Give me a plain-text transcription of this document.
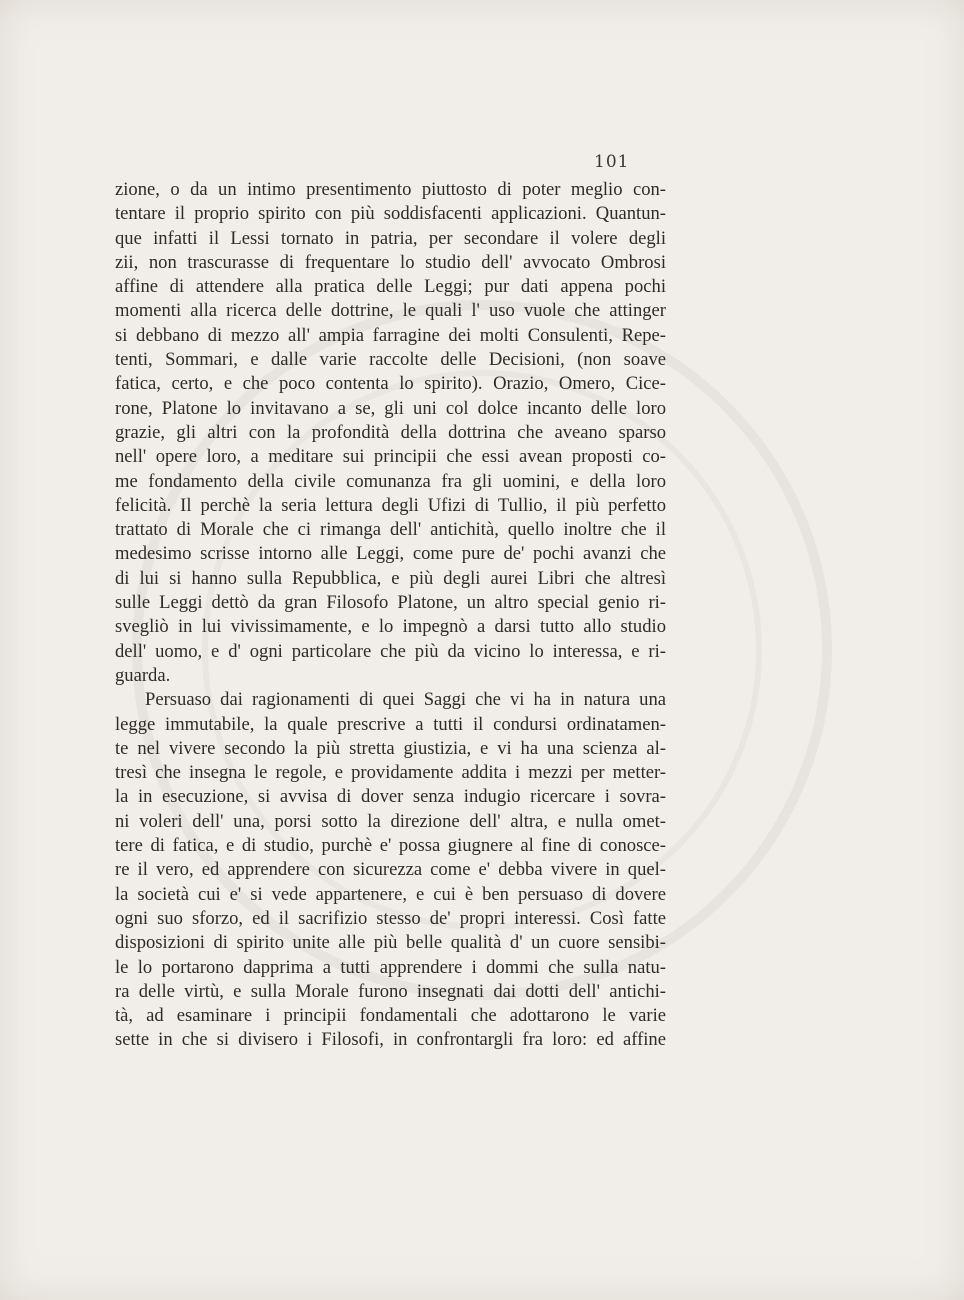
101
zione, o da un intimo presentimento piuttosto di poter meglio con-
tentare il proprio spirito con più soddisfacenti applicazioni. Quantun-
que infatti il Lessi tornato in patria, per secondare il volere degli
zii, non trascurasse di frequentare lo studio dell' avvocato Ombrosi
affine di attendere alla pratica delle Leggi; pur dati appena pochi
momenti alla ricerca delle dottrine, le quali l' uso vuole che attinger
si debbano di mezzo all' ampia farragine dei molti Consulenti, Repe-
tenti, Sommari, e dalle varie raccolte delle Decisioni, (non soave
fatica, certo, e che poco contenta lo spirito). Orazio, Omero, Cice-
rone, Platone lo invitavano a se, gli uni col dolce incanto delle loro
grazie, gli altri con la profondità della dottrina che aveano sparso
nell' opere loro, a meditare sui principii che essi avean proposti co-
me fondamento della civile comunanza fra gli uomini, e della loro
felicità. Il perchè la seria lettura degli Ufizi di Tullio, il più perfetto
trattato di Morale che ci rimanga dell' antichità, quello inoltre che il
medesimo scrisse intorno alle Leggi, come pure de' pochi avanzi che
di lui si hanno sulla Repubblica, e più degli aurei Libri che altresì
sulle Leggi dettò da gran Filosofo Platone, un altro special genio ri-
svegliò in lui vivissimamente, e lo impegnò a darsi tutto allo studio
dell' uomo, e d' ogni particolare che più da vicino lo interessa, e ri-
guarda.
Persuaso dai ragionamenti di quei Saggi che vi ha in natura una
legge immutabile, la quale prescrive a tutti il condursi ordinatamen-
te nel vivere secondo la più stretta giustizia, e vi ha una scienza al-
tresì che insegna le regole, e providamente addita i mezzi per metter-
la in esecuzione, si avvisa di dover senza indugio ricercare i sovra-
ni voleri dell' una, porsi sotto la direzione dell' altra, e nulla omet-
tere di fatica, e di studio, purchè e' possa giugnere al fine di conosce-
re il vero, ed apprendere con sicurezza come e' debba vivere in quel-
la società cui e' si vede appartenere, e cui è ben persuaso di dovere
ogni suo sforzo, ed il sacrifizio stesso de' propri interessi. Così fatte
disposizioni di spirito unite alle più belle qualità d' un cuore sensibi-
le lo portarono dapprima a tutti apprendere i dommi che sulla natu-
ra delle virtù, e sulla Morale furono insegnati dai dotti dell' antichi-
tà, ad esaminare i principii fondamentali che adottarono le varie
sette in che si divisero i Filosofi, in confrontargli fra loro: ed affine
